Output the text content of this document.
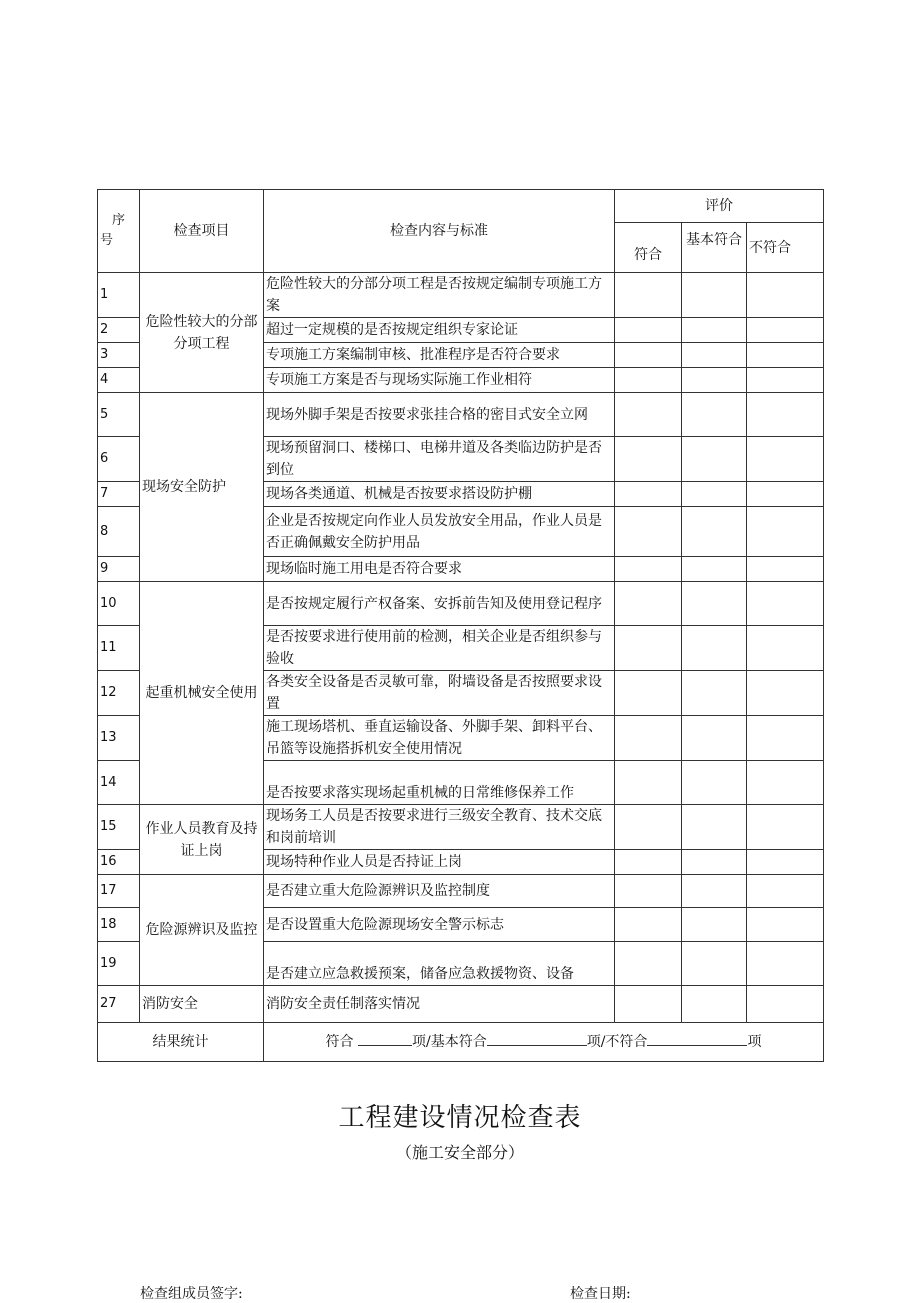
序
号	检查项目	检查内容与标准	评价		
			符合	基本符合	不符合
1	危险性较大的分部分项工程	危险性较大的分部分项工程是否按规定编制专项施工方案			
2		超过一定规模的是否按规定组织专家论证			
3		专项施工方案编制审核、批准程序是否符合要求			
4		专项施工方案是否与现场实际施工作业相符			
5	现场安全防护	现场外脚手架是否按要求张挂合格的密目式安全立网			
6		现场预留洞口、楼梯口、电梯井道及各类临边防护是否到位			
7		现场各类通道、机械是否按要求搭设防护棚			
8		企业是否按规定向作业人员发放安全用品，作业人员是否正确佩戴安全防护用品			
9		现场临时施工用电是否符合要求			
10	起重机械安全使用	是否按规定履行产权备案、安拆前告知及使用登记程序			
11		是否按要求进行使用前的检测，相关企业是否组织参与验收			
12		各类安全设备是否灵敏可靠，附墙设备是否按照要求设置			
13		施工现场塔机、垂直运输设备、外脚手架、卸料平台、吊篮等设施搭拆机安全使用情况			
14		是否按要求落实现场起重机械的日常维修保养工作			
15	作业人员教育及持证上岗	现场务工人员是否按要求进行三级安全教育、技术交底和岗前培训			
16		现场特种作业人员是否持证上岗			
17	危险源辨识及监控	是否建立重大危险源辨识及监控制度			
18		是否设置重大危险源现场安全警示标志			
19		是否建立应急救援预案，储备应急救援物资、设备			
27	消防安全	消防安全责任制落实情况			
结果统计		符合 项/基本符合 项/不符合 项			
工程建设情况检查表
（施工安全部分）
检查组成员签字:	检查日期:
